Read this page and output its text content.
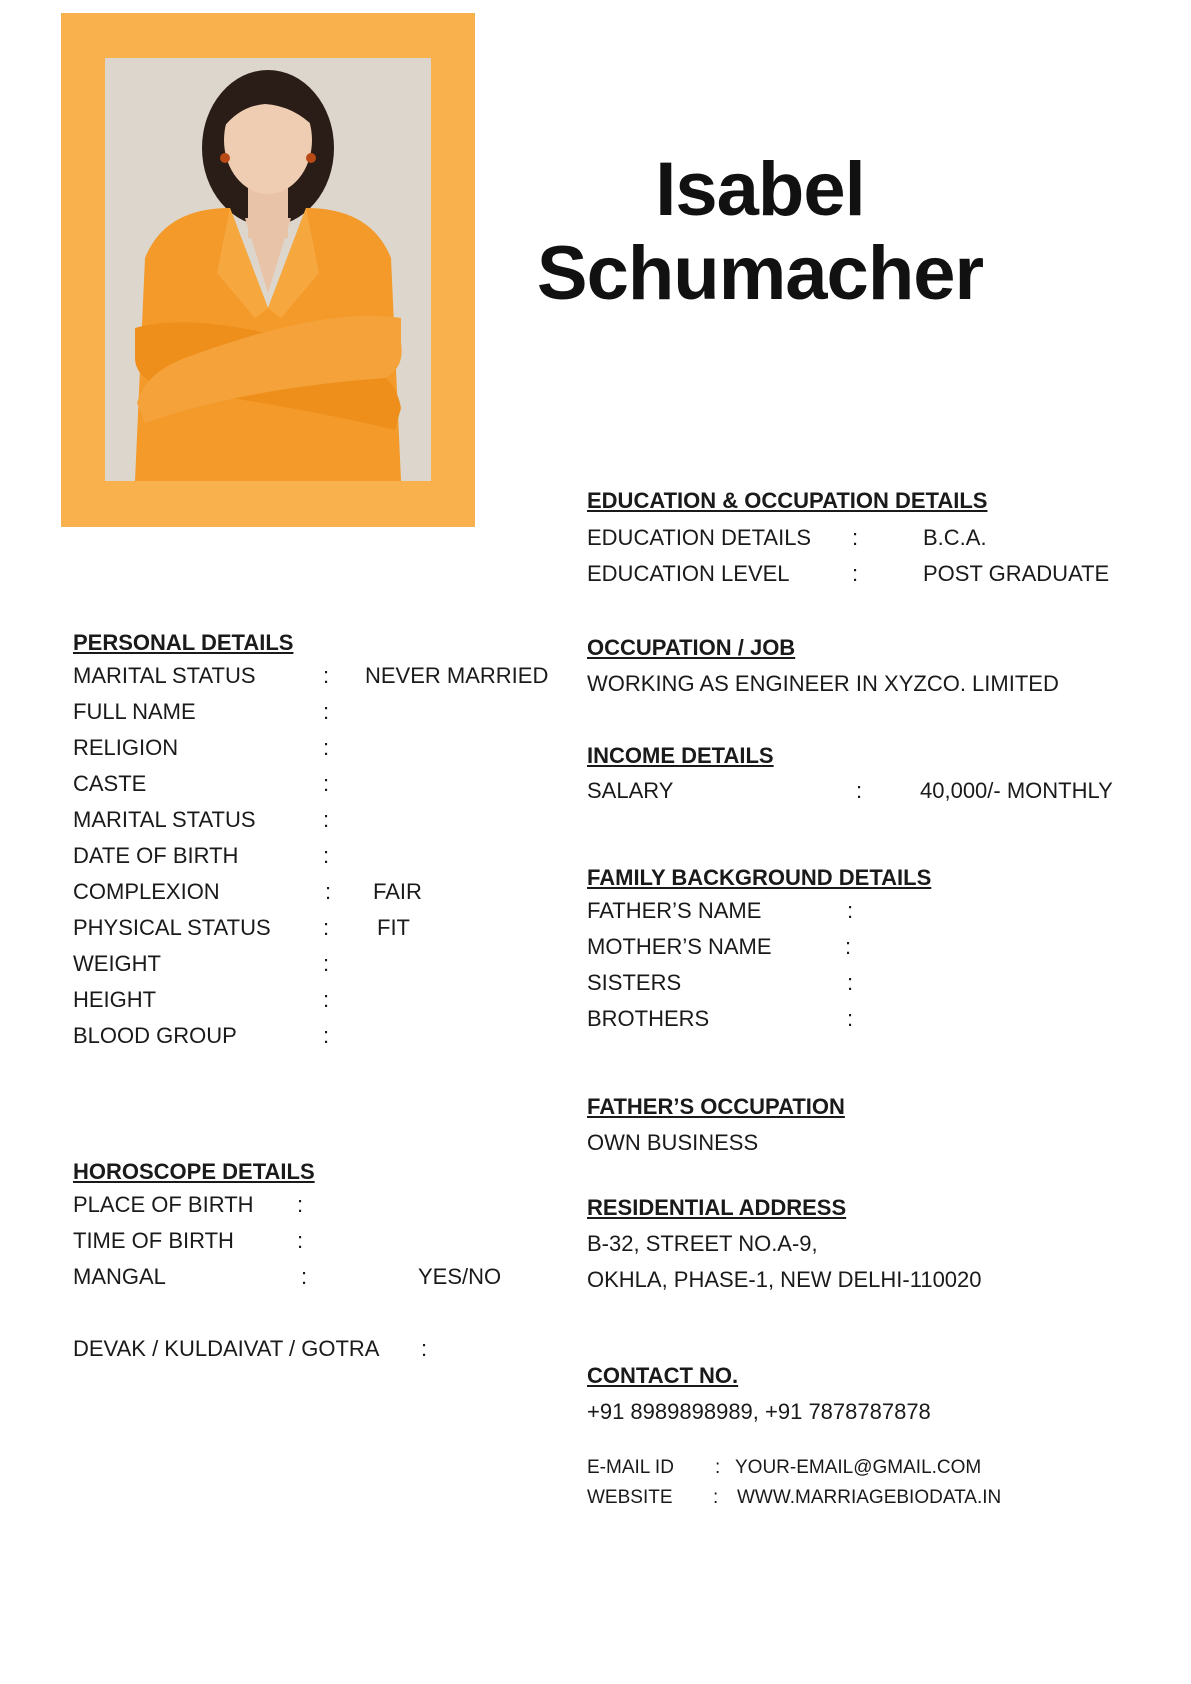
Isabel
Schumacher
EDUCATION & OCCUPATION DETAILS
EDUCATION DETAILS :	B.C.A.
EDUCATION LEVEL	:	POST GRADUATE
OCCUPATION / JOB
WORKING AS ENGINEER IN XYZCO. LIMITED
INCOME DETAILS
SALARY	:	40,000/- MONTHLY
PERSONAL DETAILS
MARITAL STATUS	: NEVER MARRIED
FULL NAME	:
RELIGION	:
CASTE	:
MARITAL STATUS	:
DATE OF BIRTH	:
COMPLEXION	: FAIR
PHYSICAL STATUS : FIT
WEIGHT	:
HEIGHT	:
BLOOD GROUP	:
FAMILY BACKGROUND DETAILS
FATHER’S NAME	:
MOTHER’S NAME	:
SISTERS	:
BROTHERS	:
FATHER’S OCCUPATION
OWN BUSINESS
HOROSCOPE DETAILS
PLACE OF BIRTH :
TIME OF BIRTH	:
MANGAL	:	YES/NO
DEVAK / KULDAIVAT / GOTRA :
RESIDENTIAL ADDRESS
B-32, STREET NO.A-9,
OKHLA, PHASE-1, NEW DELHI-110020
CONTACT NO.
+91 8989898989, +91 7878787878
E-MAIL ID : YOUR-EMAIL@GMAIL.COM
WEBSITE : WWW.MARRIAGEBIODATA.IN
